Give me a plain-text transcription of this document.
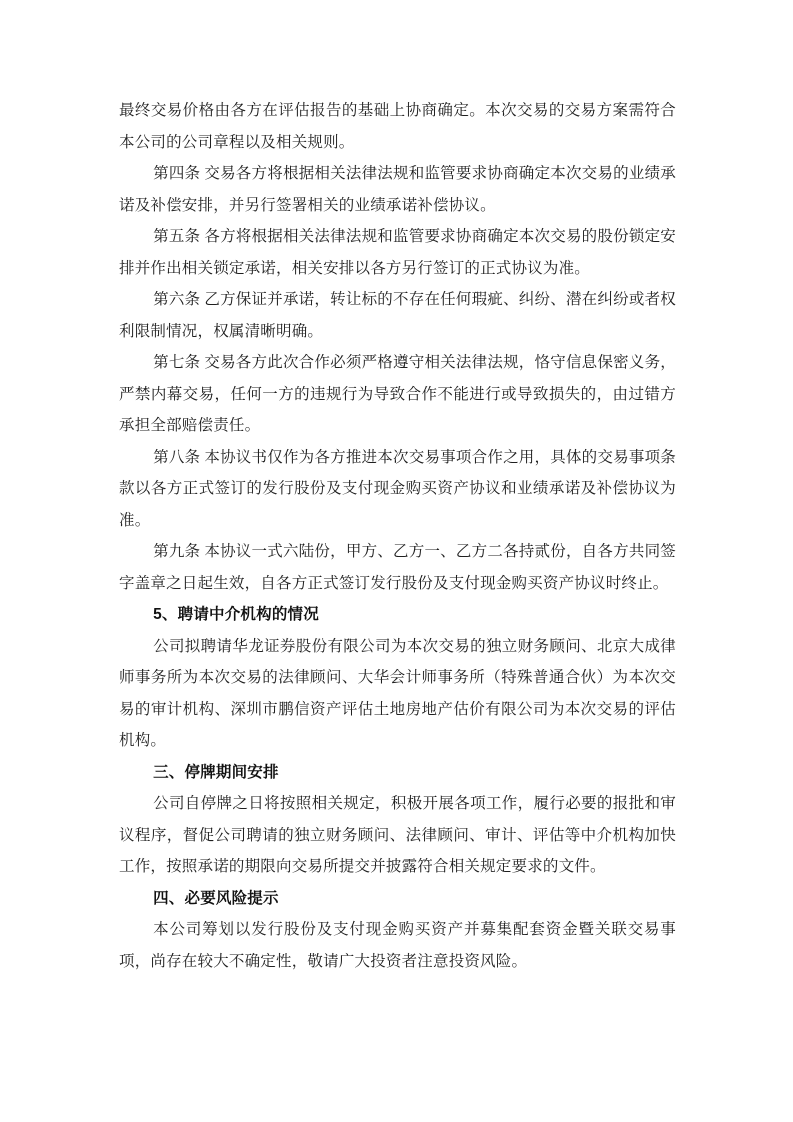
最终交易价格由各方在评估报告的基础上协商确定。本次交易的交易方案需符合本公司的公司章程以及相关规则。

第四条 交易各方将根据相关法律法规和监管要求协商确定本次交易的业绩承诺及补偿安排，并另行签署相关的业绩承诺补偿协议。

第五条 各方将根据相关法律法规和监管要求协商确定本次交易的股份锁定安排并作出相关锁定承诺，相关安排以各方另行签订的正式协议为准。

第六条 乙方保证并承诺，转让标的不存在任何瑕疵、纠纷、潜在纠纷或者权利限制情况，权属清晰明确。

第七条 交易各方此次合作必须严格遵守相关法律法规，恪守信息保密义务，严禁内幕交易，任何一方的违规行为导致合作不能进行或导致损失的，由过错方承担全部赔偿责任。

第八条 本协议书仅作为各方推进本次交易事项合作之用，具体的交易事项条款以各方正式签订的发行股份及支付现金购买资产协议和业绩承诺及补偿协议为准。

第九条 本协议一式六陆份，甲方、乙方一、乙方二各持贰份，自各方共同签字盖章之日起生效，自各方正式签订发行股份及支付现金购买资产协议时终止。

5、聘请中介机构的情况

公司拟聘请华龙证券股份有限公司为本次交易的独立财务顾问、北京大成律师事务所为本次交易的法律顾问、大华会计师事务所（特殊普通合伙）为本次交易的审计机构、深圳市鹏信资产评估土地房地产估价有限公司为本次交易的评估机构。

三、停牌期间安排

公司自停牌之日将按照相关规定，积极开展各项工作，履行必要的报批和审议程序，督促公司聘请的独立财务顾问、法律顾问、审计、评估等中介机构加快工作，按照承诺的期限向交易所提交并披露符合相关规定要求的文件。

四、必要风险提示

本公司筹划以发行股份及支付现金购买资产并募集配套资金暨关联交易事项，尚存在较大不确定性，敬请广大投资者注意投资风险。
